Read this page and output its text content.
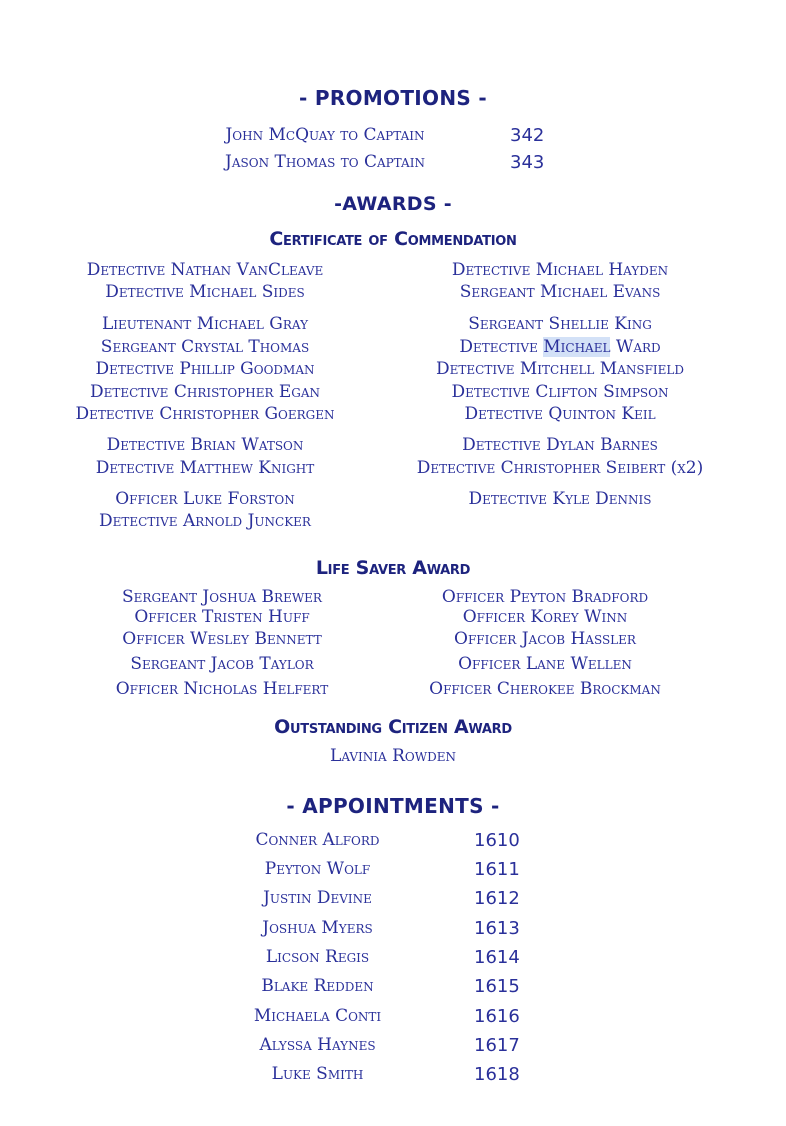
- PROMOTIONS -
John McQuay to Captain	342
Jason Thomas to Captain	343
-AWARDS -
Certificate of Commendation
Detective Nathan VanCleave
Detective Michael Sides
Lieutenant Michael Gray
Sergeant Crystal Thomas
Detective Phillip Goodman
Detective Christopher Egan
Detective Christopher Goergen
Detective Brian Watson
Detective Matthew Knight
Officer Luke Forston
Detective Arnold Juncker
Detective Michael Hayden
Sergeant Michael Evans
Sergeant Shellie King
Detective Michael Ward
Detective Mitchell Mansfield
Detective Clifton Simpson
Detective Quinton Keil
Detective Dylan Barnes
Detective Christopher Seibert (x2)
Detective Kyle Dennis
Life Saver Award
Sergeant Joshua Brewer
Officer Tristen Huff
Officer Wesley Bennett
Sergeant Jacob Taylor
Officer Nicholas Helfert
Officer Peyton Bradford
Officer Korey Winn
Officer Jacob Hassler
Officer Lane Wellen
Officer Cherokee Brockman
Outstanding Citizen Award
Lavinia Rowden
- APPOINTMENTS -
Conner Alford	1610
Peyton Wolf	1611
Justin Devine	1612
Joshua Myers	1613
Licson Regis	1614
Blake Redden	1615
Michaela Conti	1616
Alyssa Haynes	1617
Luke Smith	1618
